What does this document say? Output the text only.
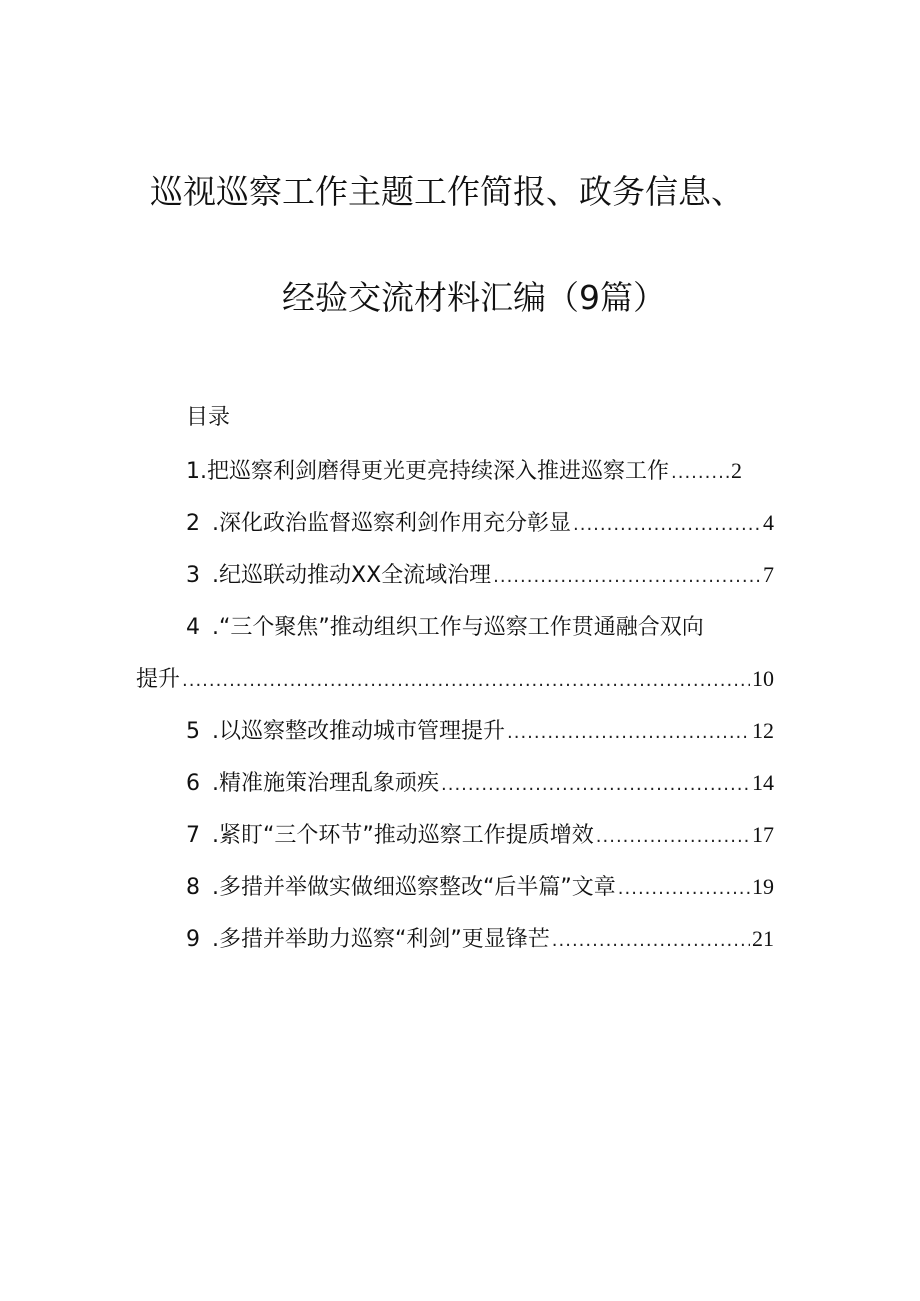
巡视巡察工作主题工作简报、政务信息、
经验交流材料汇编（9篇）
目录
1. 把巡察利剑磨得更光更亮持续深入推进巡察工作 .....	2
2 .深化政治监督巡察利剑作用充分彰显 .....	4
3 .纪巡联动推动XX全流域治理 .....	7
4 .“三个聚焦”推动组织工作与巡察工作贯通融合双向
提升 .....	10
5 .以巡察整改推动城市管理提升 .....	12
6 .精准施策治理乱象顽疾 .....	14
7 .紧盯“三个环节”推动巡察工作提质增效 .....	17
8 .多措并举做实做细巡察整改“后半篇”文章 .....	19
9 .多措并举助力巡察“利剑”更显锋芒 .....	21
